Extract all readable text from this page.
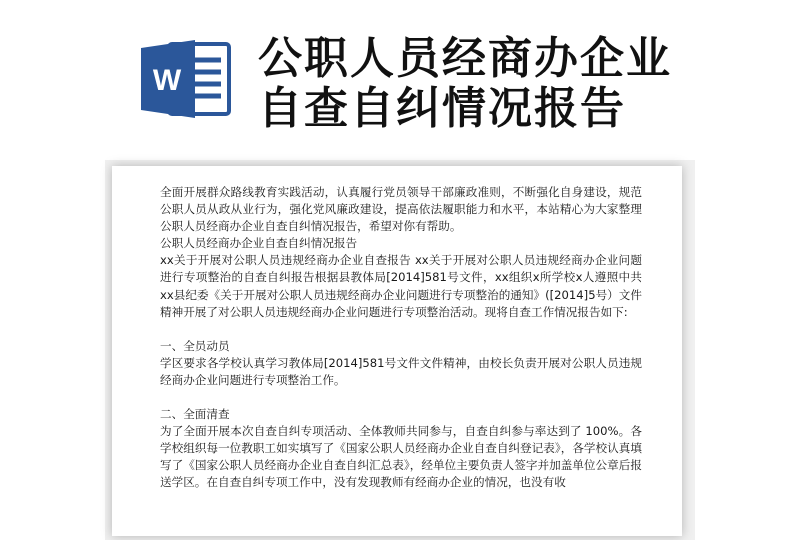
W 公职人员经商办企业
自查自纠情况报告

全面开展群众路线教育实践活动，认真履行党员领导干部廉政准则，不断强化自身建设，规范公职人员从政从业行为，强化党风廉政建设，提高依法履职能力和水平，本站精心为大家整理公职人员经商办企业自查自纠情况报告，希望对你有帮助。

公职人员经商办企业自查自纠情况报告

xx关于开展对公职人员违规经商办企业自查报告 xx关于开展对公职人员违规经商办企业问题进行专项整治的自查自纠报告根据县教体局[2014]581号文件，xx组织x所学校x人遵照中共 xx县纪委《关于开展对公职人员违规经商办企业问题进行专项整治的通知》([2014]5号）文件精神开展了对公职人员违规经商办企业问题进行专项整治活动。现将自查工作情况报告如下:

一、全员动员

学区要求各学校认真学习教体局[2014]581号文件文件精神，由校长负责开展对公职人员违规经商办企业问题进行专项整治工作。

二、全面清查

为了全面开展本次自查自纠专项活动、全体教师共同参与，自查自纠参与率达到了 100%。各学校组织每一位教职工如实填写了《国家公职人员经商办企业自查自纠登记表》，各学校认真填写了《国家公职人员经商办企业自查自纠汇总表》，经单位主要负责人签字并加盖单位公章后报送学区。在自查自纠专项工作中，没有发现教师有经商办企业的情况，也没有收
